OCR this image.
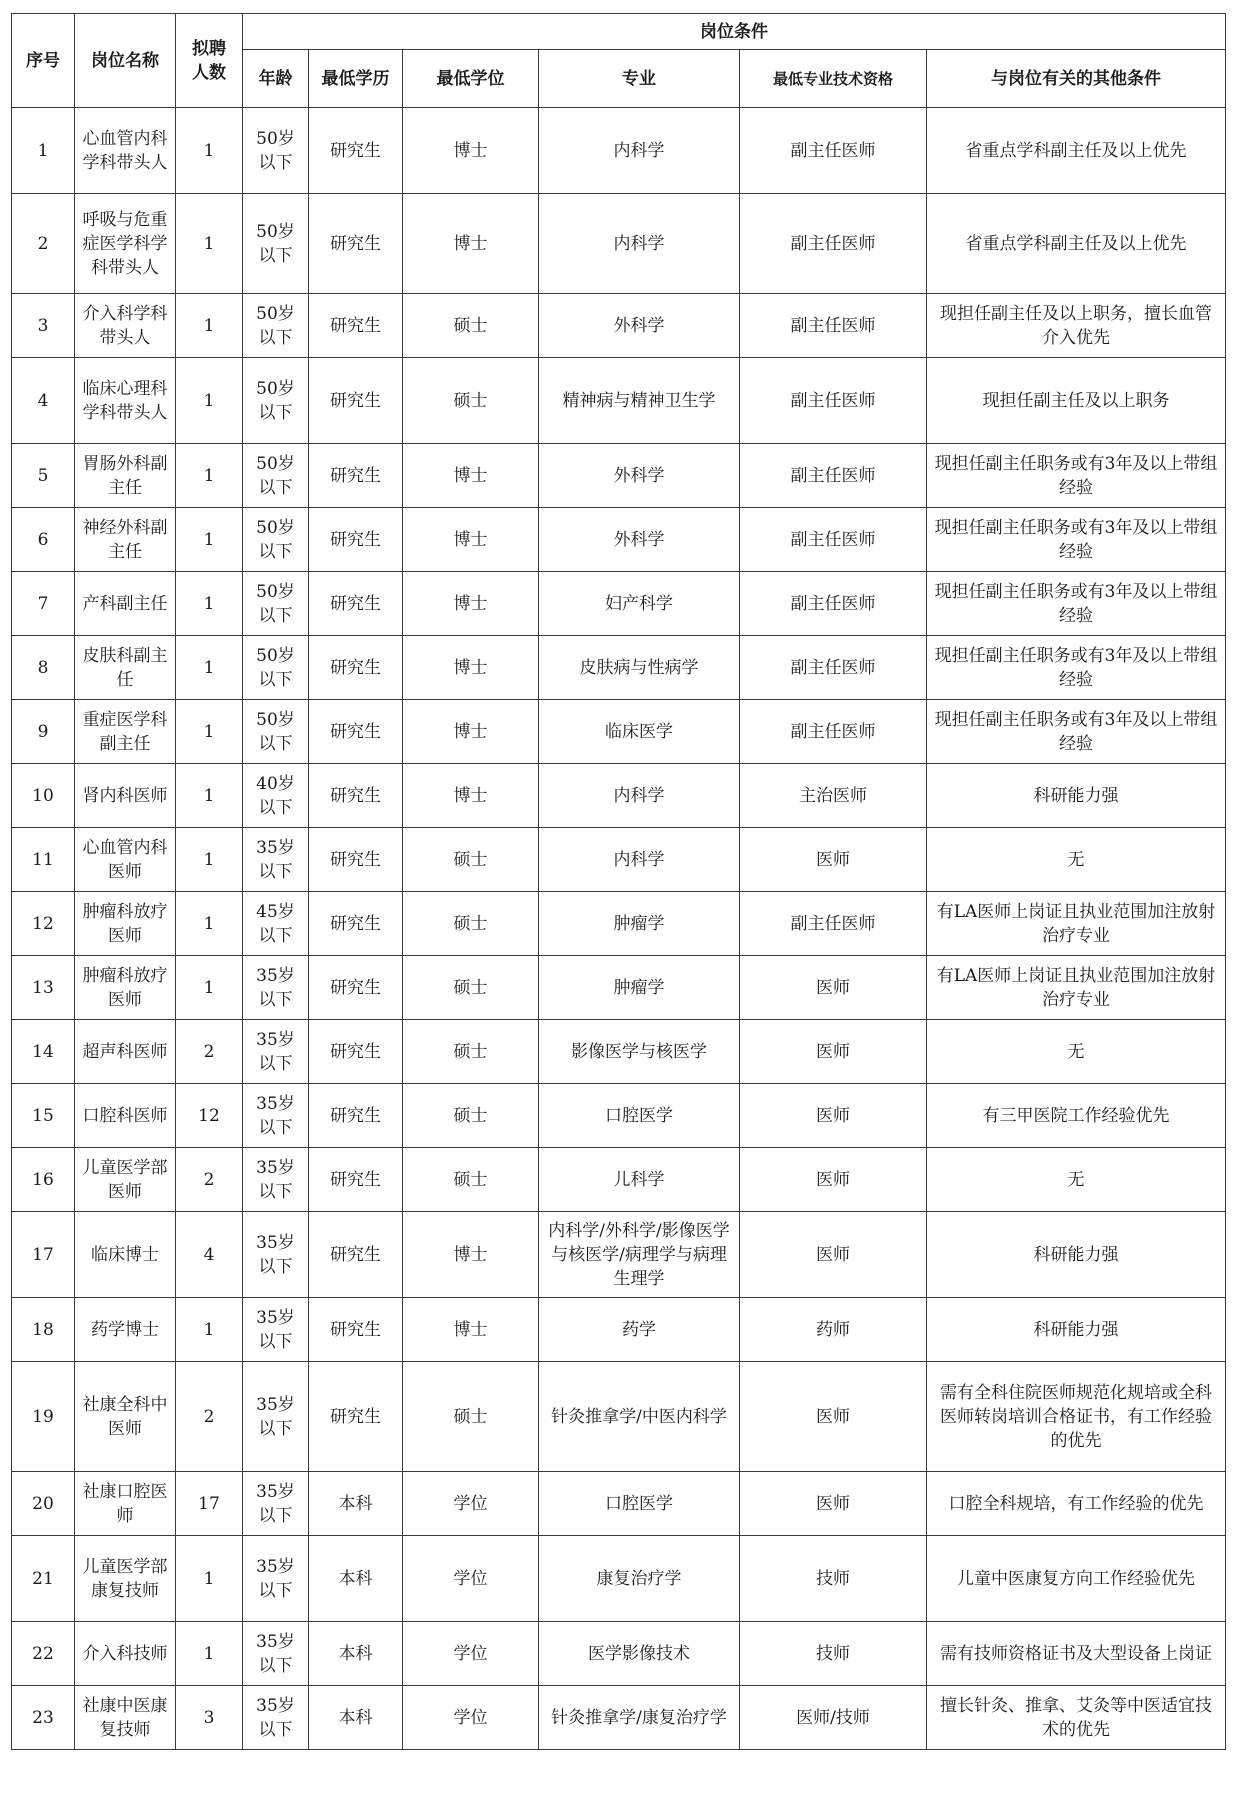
序号	岗位名称	拟聘人数	岗位条件					
			年龄	最低学历	最低学位	专业	最低专业技术资格	与岗位有关的其他条件
1	心血管内科学科带头人	1	50岁以下	研究生	博士	内科学	副主任医师	省重点学科副主任及以上优先
2	呼吸与危重症医学科学科带头人	1	50岁以下	研究生	博士	内科学	副主任医师	省重点学科副主任及以上优先
3	介入科学科带头人	1	50岁以下	研究生	硕士	外科学	副主任医师	现担任副主任及以上职务，擅长血管介入优先
4	临床心理科学科带头人	1	50岁以下	研究生	硕士	精神病与精神卫生学	副主任医师	现担任副主任及以上职务
5	胃肠外科副主任	1	50岁以下	研究生	博士	外科学	副主任医师	现担任副主任职务或有3年及以上带组经验
6	神经外科副主任	1	50岁以下	研究生	博士	外科学	副主任医师	现担任副主任职务或有3年及以上带组经验
7	产科副主任	1	50岁以下	研究生	博士	妇产科学	副主任医师	现担任副主任职务或有3年及以上带组经验
8	皮肤科副主任	1	50岁以下	研究生	博士	皮肤病与性病学	副主任医师	现担任副主任职务或有3年及以上带组经验
9	重症医学科副主任	1	50岁以下	研究生	博士	临床医学	副主任医师	现担任副主任职务或有3年及以上带组经验
10	肾内科医师	1	40岁以下	研究生	博士	内科学	主治医师	科研能力强
11	心血管内科医师	1	35岁以下	研究生	硕士	内科学	医师	无
12	肿瘤科放疗医师	1	45岁以下	研究生	硕士	肿瘤学	副主任医师	有LA医师上岗证且执业范围加注放射治疗专业
13	肿瘤科放疗医师	1	35岁以下	研究生	硕士	肿瘤学	医师	有LA医师上岗证且执业范围加注放射治疗专业
14	超声科医师	2	35岁以下	研究生	硕士	影像医学与核医学	医师	无
15	口腔科医师	12	35岁以下	研究生	硕士	口腔医学	医师	有三甲医院工作经验优先
16	儿童医学部医师	2	35岁以下	研究生	硕士	儿科学	医师	无
17	临床博士	4	35岁以下	研究生	博士	内科学/外科学/影像医学与核医学/病理学与病理生理学	医师	科研能力强
18	药学博士	1	35岁以下	研究生	博士	药学	药师	科研能力强
19	社康全科中医师	2	35岁以下	研究生	硕士	针灸推拿学/中医内科学	医师	需有全科住院医师规范化规培或全科医师转岗培训合格证书，有工作经验的优先
20	社康口腔医师	17	35岁以下	本科	学位	口腔医学	医师	口腔全科规培，有工作经验的优先
21	儿童医学部康复技师	1	35岁以下	本科	学位	康复治疗学	技师	儿童中医康复方向工作经验优先
22	介入科技师	1	35岁以下	本科	学位	医学影像技术	技师	需有技师资格证书及大型设备上岗证
23	社康中医康复技师	3	35岁以下	本科	学位	针灸推拿学/康复治疗学	医师/技师	擅长针灸、推拿、艾灸等中医适宜技术的优先
